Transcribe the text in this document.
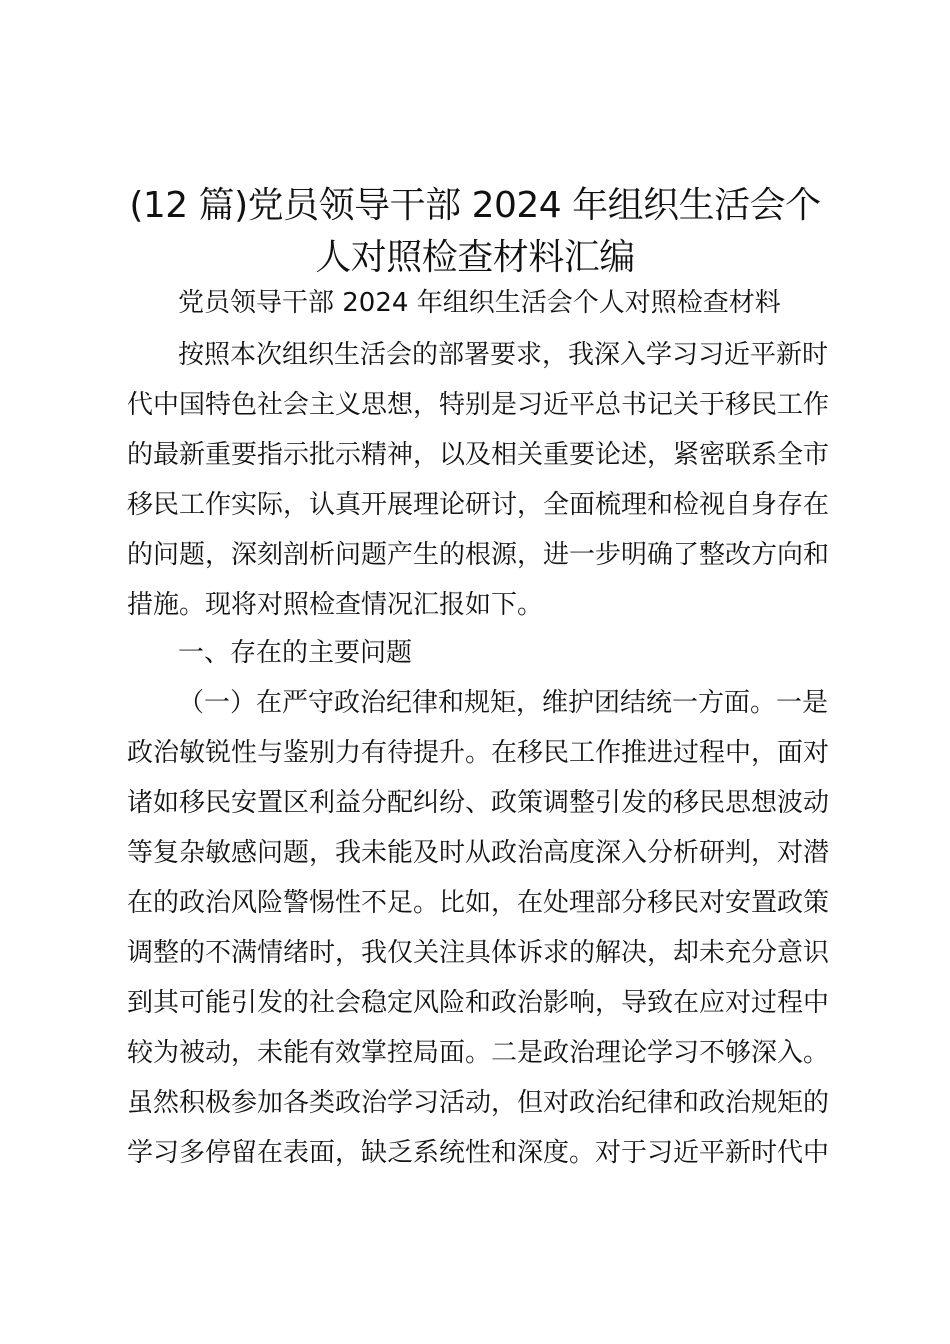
(12 篇)党员领导干部 2024 年组织生活会个
人对照检查材料汇编
党员领导干部 2024 年组织生活会个人对照检查材料
按照本次组织生活会的部署要求，我深入学习习近平新时
代中国特色社会主义思想，特别是习近平总书记关于移民工作
的最新重要指示批示精神，以及相关重要论述，紧密联系全市
移民工作实际，认真开展理论研讨，全面梳理和检视自身存在
的问题，深刻剖析问题产生的根源，进一步明确了整改方向和
措施。现将对照检查情况汇报如下。
一、存在的主要问题
（一）在严守政治纪律和规矩，维护团结统一方面。一是
政治敏锐性与鉴别力有待提升。在移民工作推进过程中，面对
诸如移民安置区利益分配纠纷、政策调整引发的移民思想波动
等复杂敏感问题，我未能及时从政治高度深入分析研判，对潜
在的政治风险警惕性不足。比如，在处理部分移民对安置政策
调整的不满情绪时，我仅关注具体诉求的解决，却未充分意识
到其可能引发的社会稳定风险和政治影响，导致在应对过程中
较为被动，未能有效掌控局面。二是政治理论学习不够深入。
虽然积极参加各类政治学习活动，但对政治纪律和政治规矩的
学习多停留在表面，缺乏系统性和深度。对于习近平新时代中
